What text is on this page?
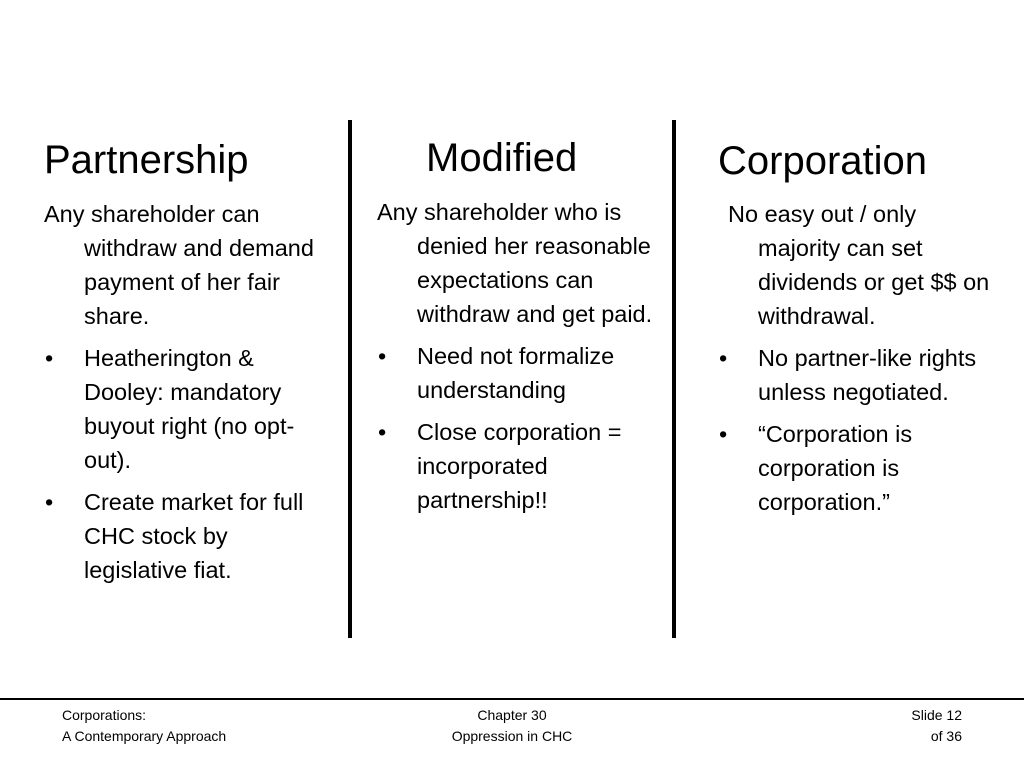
Partnership

Any shareholder can withdraw and demand payment of her fair share.

• Heatherington & Dooley: mandatory buyout right (no opt-out).
• Create market for full CHC stock by legislative fiat.
Modified

Any shareholder who is denied her reasonable expectations can withdraw and get paid.

• Need not formalize understanding
• Close corporation = incorporated partnership!!
Corporation

No easy out / only majority can set dividends or get $$ on withdrawal.

• No partner-like rights unless negotiated.
• “Corporation is corporation is corporation.”
Corporations:
A Contemporary Approach
Chapter 30
Oppression in CHC
Slide 12
of 36
